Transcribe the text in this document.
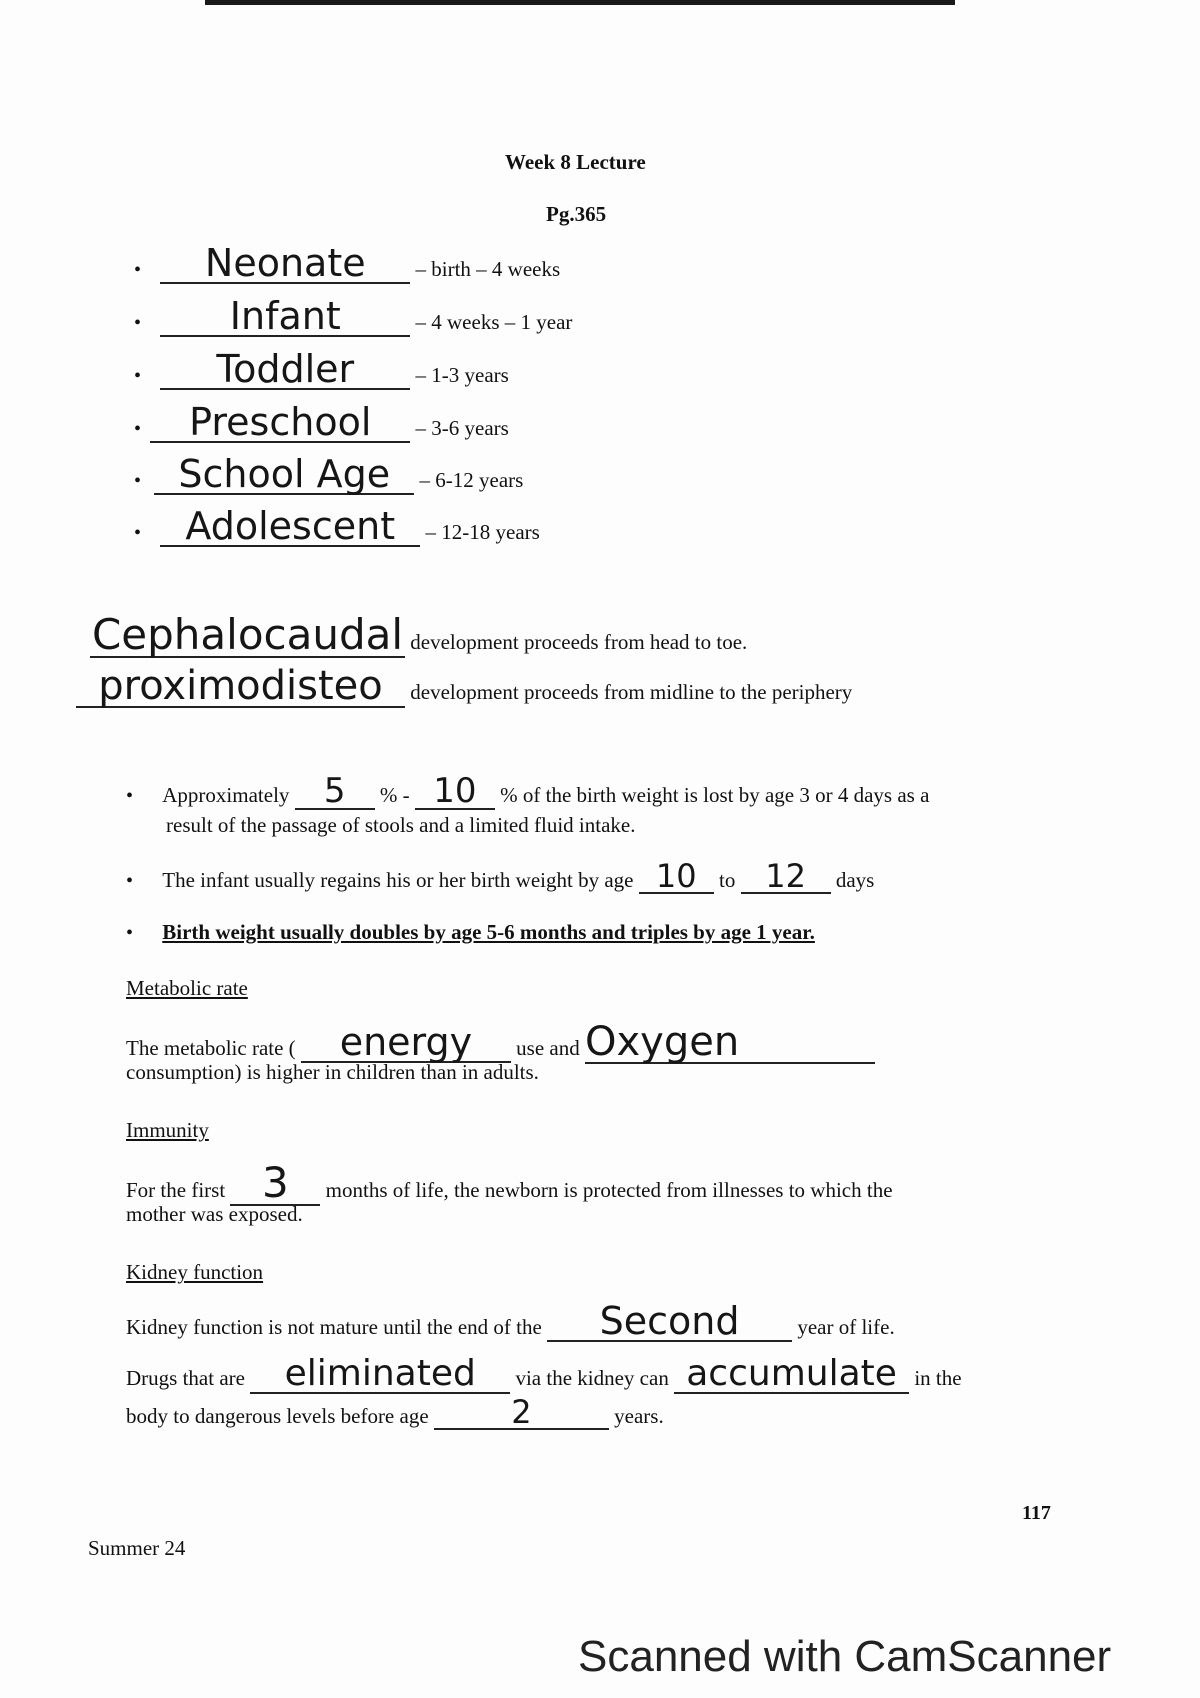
Week 8 Lecture
Pg.365
• Neonate – birth – 4 weeks
• Infant	– 4 weeks – 1 year
• Toddler	– 1-3 years
• Preschool – 3-6 years
• School Age – 6-12 years
• Adolescent – 12-18 years
Cephalocaudal development proceeds from head to toe.
proximodisteo development proceeds from midline to the periphery
• Approximately 5 % - 10 % of the birth weight is lost by age 3 or 4 days as a
result of the passage of stools and a limited fluid intake.
• The infant usually regains his or her birth weight by age 10 to 12 days
• Birth weight usually doubles by age 5-6 months and triples by age 1 year.
Metabolic rate
The metabolic rate ( energy use and Oxygen
consumption) is higher in children than in adults.
Immunity
For the first 3 months of life, the newborn is protected from illnesses to which the
mother was exposed.
Kidney function
Kidney function is not mature until the end of the Second	year of life.
Drugs that are eliminated via the kidney can accumulate in the
body to dangerous levels before age	2	years.
117
Summer 24
Scanned with CamScanner
